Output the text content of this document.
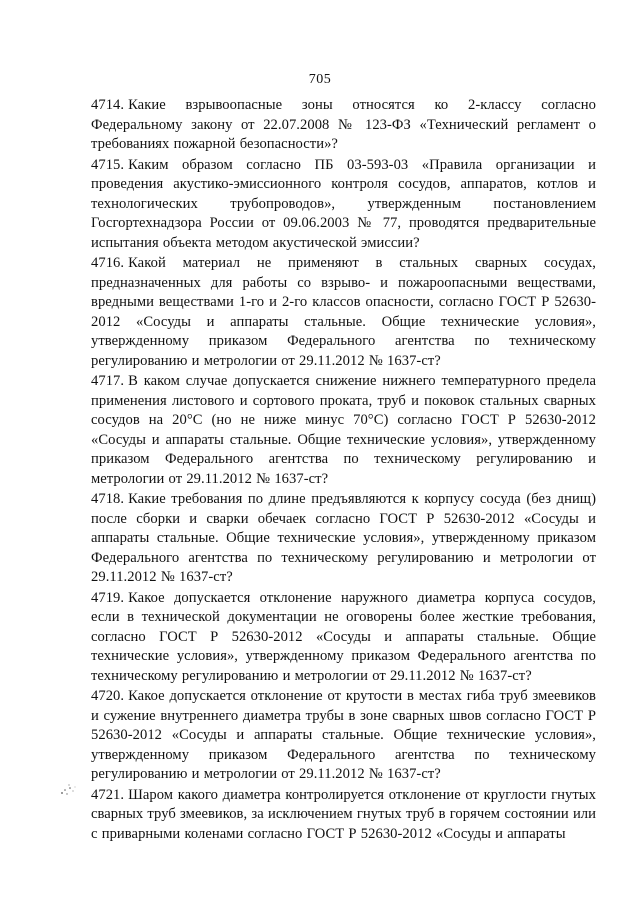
705

4714. Какие взрывоопасные зоны относятся ко 2-классу согласно Федеральному закону от 22.07.2008 № 123-ФЗ «Технический регламент о требованиях пожарной безопасности»?

4715. Каким образом согласно ПБ 03-593-03 «Правила организации и проведения акустико-эмиссионного контроля сосудов, аппаратов, котлов и технологических трубопроводов», утвержденным постановлением Госгортехнадзора России от 09.06.2003 № 77, проводятся предварительные испытания объекта методом акустической эмиссии?

4716. Какой материал не применяют в стальных сварных сосудах, предназначенных для работы со взрыво- и пожароопасными веществами, вредными веществами 1-го и 2-го классов опасности, согласно ГОСТ Р 52630-2012 «Сосуды и аппараты стальные. Общие технические условия», утвержденному приказом Федерального агентства по техническому регулированию и метрологии от 29.11.2012 № 1637-ст?

4717. В каком случае допускается снижение нижнего температурного предела применения листового и сортового проката, труб и поковок стальных сварных сосудов на 20°С (но не ниже минус 70°С) согласно ГОСТ Р 52630-2012 «Сосуды и аппараты стальные. Общие технические условия», утвержденному приказом Федерального агентства по техническому регулированию и метрологии от 29.11.2012 № 1637-ст?

4718. Какие требования по длине предъявляются к корпусу сосуда (без днищ) после сборки и сварки обечаек согласно ГОСТ Р 52630-2012 «Сосуды и аппараты стальные. Общие технические условия», утвержденному приказом Федерального агентства по техническому регулированию и метрологии от 29.11.2012 № 1637-ст?

4719. Какое допускается отклонение наружного диаметра корпуса сосудов, если в технической документации не оговорены более жесткие требования, согласно ГОСТ Р 52630-2012 «Сосуды и аппараты стальные. Общие технические условия», утвержденному приказом Федерального агентства по техническому регулированию и метрологии от 29.11.2012 № 1637-ст?

4720. Какое допускается отклонение от крутости в местах гиба труб змеевиков и сужение внутреннего диаметра трубы в зоне сварных швов согласно ГОСТ Р 52630-2012 «Сосуды и аппараты стальные. Общие технические условия», утвержденному приказом Федерального агентства по техническому регулированию и метрологии от 29.11.2012 № 1637-ст?

4721. Шаром какого диаметра контролируется отклонение от круглости гнутых сварных труб змеевиков, за исключением гнутых труб в горячем состоянии или с приварными коленами согласно ГОСТ Р 52630-2012 «Сосуды и аппараты
